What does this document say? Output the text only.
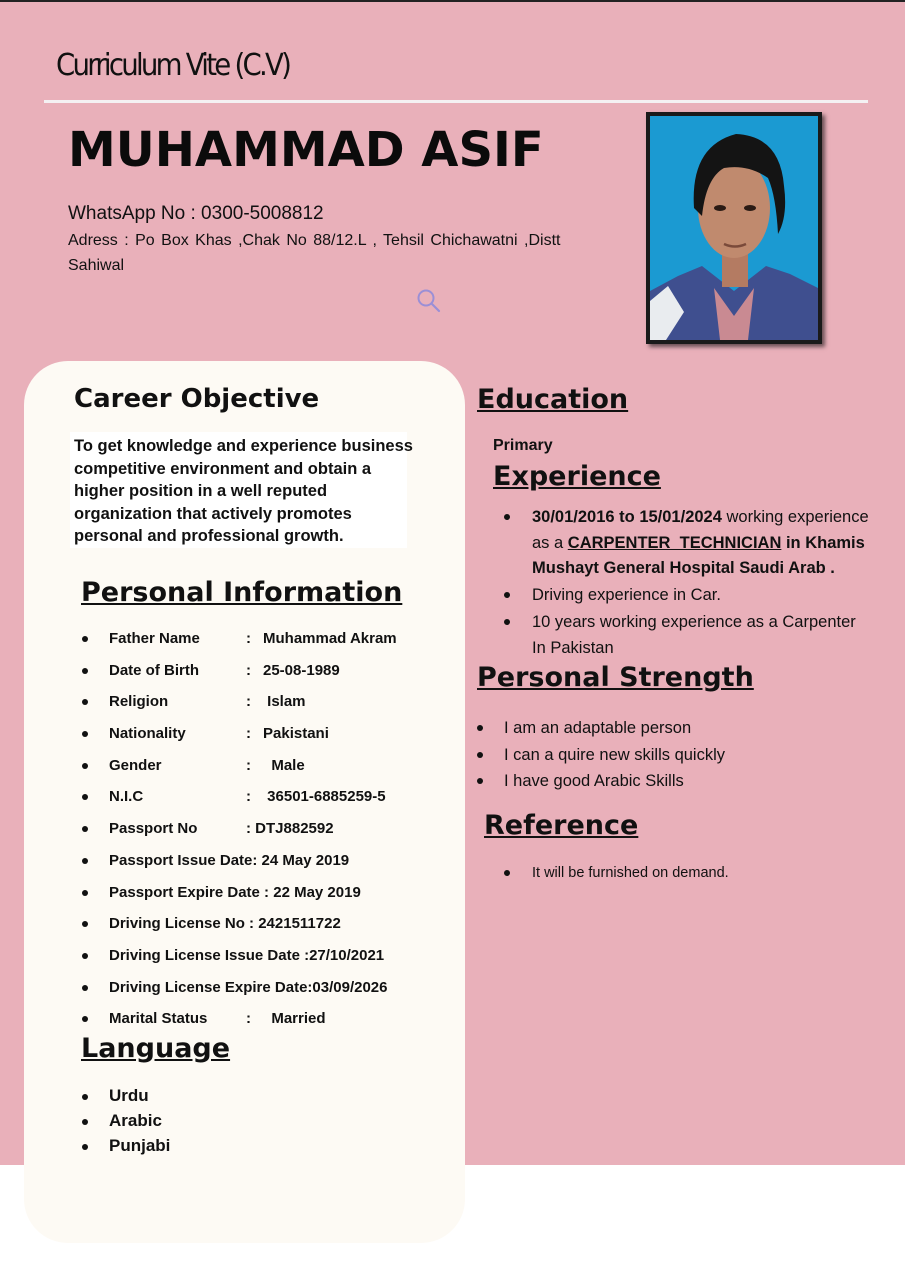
Curriculum Vite (C.V)
MUHAMMAD ASIF
WhatsApp No : 0300-5008812
Adress : Po Box Khas ,Chak No 88/12.L , Tehsil Chichawatni ,Distt Sahiwal
Career Objective

To get knowledge and experience business competitive environment and obtain a higher position in a well reputed organization that actively promotes personal and professional growth.

Personal Information
Father Name	: Muhammad Akram
Date of Birth	: 25-08-1989
Religion	: Islam
Nationality	: Pakistani
Gender	:  Male
N.I.C	: 36501-6885259-5
Passport No	: DTJ882592
Passport Issue Date: 24 May 2019
Passport Expire Date : 22 May 2019
Driving License No : 2421511722
Driving License Issue Date :27/10/2021
Driving License Expire Date:03/09/2026
Marital Status	:  Married
Language
Urdu
Arabic
Punjabi
Education
Primary
Experience
30/01/2016 to 15/01/2024 working experience as a CARPENTER  TECHNICIAN in Khamis Mushayt General Hospital Saudi Arab .
Driving experience in Car.
10 years working experience as a Carpenter In Pakistan
Personal Strength
I am an adaptable person
I can a quire new skills quickly
I have good Arabic Skills
Reference
It will be furnished on demand.
